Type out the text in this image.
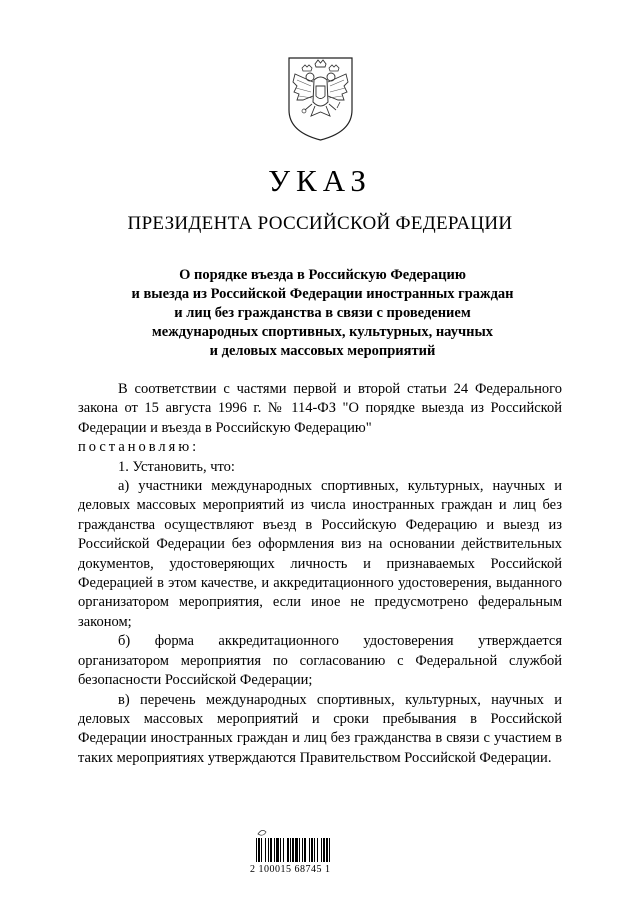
УКАЗ
ПРЕЗИДЕНТА РОССИЙСКОЙ ФЕДЕРАЦИИ
О порядке въезда в Российскую Федерацию
и выезда из Российской Федерации иностранных граждан
и лиц без гражданства в связи с проведением
международных спортивных, культурных, научных
и деловых массовых мероприятий

В соответствии с частями первой и второй статьи 24 Федерального закона от 15 августа 1996 г. № 114-ФЗ "О порядке выезда из Российской Федерации и въезда в Российскую Федерацию"

постановляю:

1. Установить, что:

а) участники международных спортивных, культурных, научных и деловых массовых мероприятий из числа иностранных граждан и лиц без гражданства осуществляют въезд в Российскую Федерацию и выезд из Российской Федерации без оформления виз на основании действительных документов, удостоверяющих личность и признаваемых Российской Федерацией в этом качестве, и аккредитационного удостоверения, выданного организатором мероприятия, если иное не предусмотрено федеральным законом;

б) форма аккредитационного удостоверения утверждается организатором мероприятия по согласованию с Федеральной службой безопасности Российской Федерации;

в) перечень международных спортивных, культурных, научных и деловых массовых мероприятий и сроки пребывания в Российской Федерации иностранных граждан и лиц без гражданства в связи с участием в таких мероприятиях утверждаются Правительством Российской Федерации.

2 100015 68745 1
